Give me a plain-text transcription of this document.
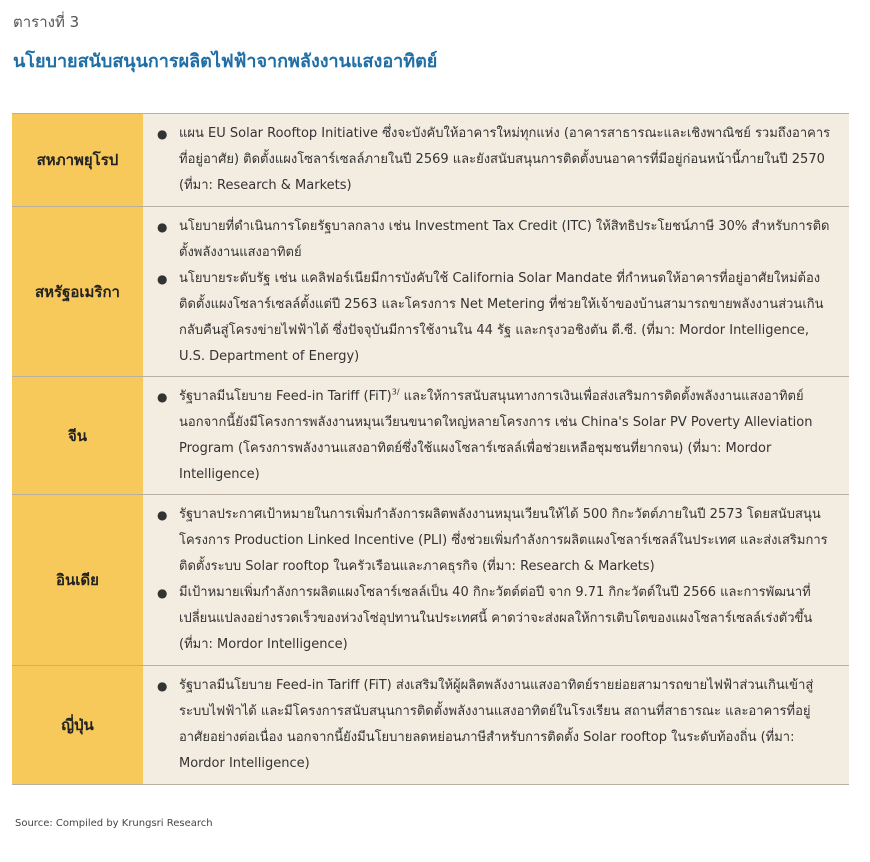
ตารางที่ 3
นโยบายสนับสนุนการผลิตไฟฟ้าจากพลังงานแสงอาทิตย์
สหภาพยุโรป
● แผน EU Solar Rooftop Initiative ซึ่งจะบังคับให้อาคารใหม่ทุกแห่ง (อาคารสาธารณะและเชิงพาณิชย์ รวมถึงอาคารที่อยู่อาศัย) ติดตั้งแผงโซลาร์เซลล์ภายในปี 2569 และยังสนับสนุนการติดตั้งบนอาคารที่มีอยู่ก่อนหน้านี้ภายในปี 2570 (ที่มา: Research & Markets)
สหรัฐอเมริกา
● นโยบายที่ดำเนินการโดยรัฐบาลกลาง เช่น Investment Tax Credit (ITC) ให้สิทธิประโยชน์ภาษี 30% สำหรับการติดตั้งพลังงานแสงอาทิตย์
● นโยบายระดับรัฐ เช่น แคลิฟอร์เนียมีการบังคับใช้ California Solar Mandate ที่กำหนดให้อาคารที่อยู่อาศัยใหม่ต้องติดตั้งแผงโซลาร์เซลล์ตั้งแต่ปี 2563 และโครงการ Net Metering ที่ช่วยให้เจ้าของบ้านสามารถขายพลังงานส่วนเกินกลับคืนสู่โครงข่ายไฟฟ้าได้ ซึ่งปัจจุบันมีการใช้งานใน 44 รัฐ และกรุงวอชิงตัน ดี.ซี. (ที่มา: Mordor Intelligence, U.S. Department of Energy)
จีน
● รัฐบาลมีนโยบาย Feed-in Tariff (FiT)$^{3/}$ และให้การสนับสนุนทางการเงินเพื่อส่งเสริมการติดตั้งพลังงานแสงอาทิตย์ นอกจากนี้ยังมีโครงการพลังงานหมุนเวียนขนาดใหญ่หลายโครงการ เช่น China's Solar PV Poverty Alleviation Program (โครงการพลังงานแสงอาทิตย์ซึ่งใช้แผงโซลาร์เซลล์เพื่อช่วยเหลือชุมชนที่ยากจน) (ที่มา: Mordor Intelligence)
อินเดีย
● รัฐบาลประกาศเป้าหมายในการเพิ่มกำลังการผลิตพลังงานหมุนเวียนให้ได้ 500 กิกะวัตต์ภายในปี 2573 โดยสนับสนุนโครงการ Production Linked Incentive (PLI) ซึ่งช่วยเพิ่มกำลังการผลิตแผงโซลาร์เซลล์ในประเทศ และส่งเสริมการติดตั้งระบบ Solar rooftop ในครัวเรือนและภาคธุรกิจ (ที่มา: Research & Markets)
● มีเป้าหมายเพิ่มกำลังการผลิตแผงโซลาร์เซลล์เป็น 40 กิกะวัตต์ต่อปี จาก 9.71 กิกะวัตต์ในปี 2566 และการพัฒนาที่เปลี่ยนแปลงอย่างรวดเร็วของห่วงโซ่อุปทานในประเทศนี้ คาดว่าจะส่งผลให้การเติบโตของแผงโซลาร์เซลล์เร่งตัวขึ้น (ที่มา: Mordor Intelligence)
ญี่ปุ่น
● รัฐบาลมีนโยบาย Feed-in Tariff (FiT) ส่งเสริมให้ผู้ผลิตพลังงานแสงอาทิตย์รายย่อยสามารถขายไฟฟ้าส่วนเกินเข้าสู่ระบบไฟฟ้าได้ และมีโครงการสนับสนุนการติดตั้งพลังงานแสงอาทิตย์ในโรงเรียน สถานที่สาธารณะ และอาคารที่อยู่อาศัยอย่างต่อเนื่อง นอกจากนี้ยังมีนโยบายลดหย่อนภาษีสำหรับการติดตั้ง Solar rooftop ในระดับท้องถิ่น (ที่มา: Mordor Intelligence)
Source: Compiled by Krungsri Research
